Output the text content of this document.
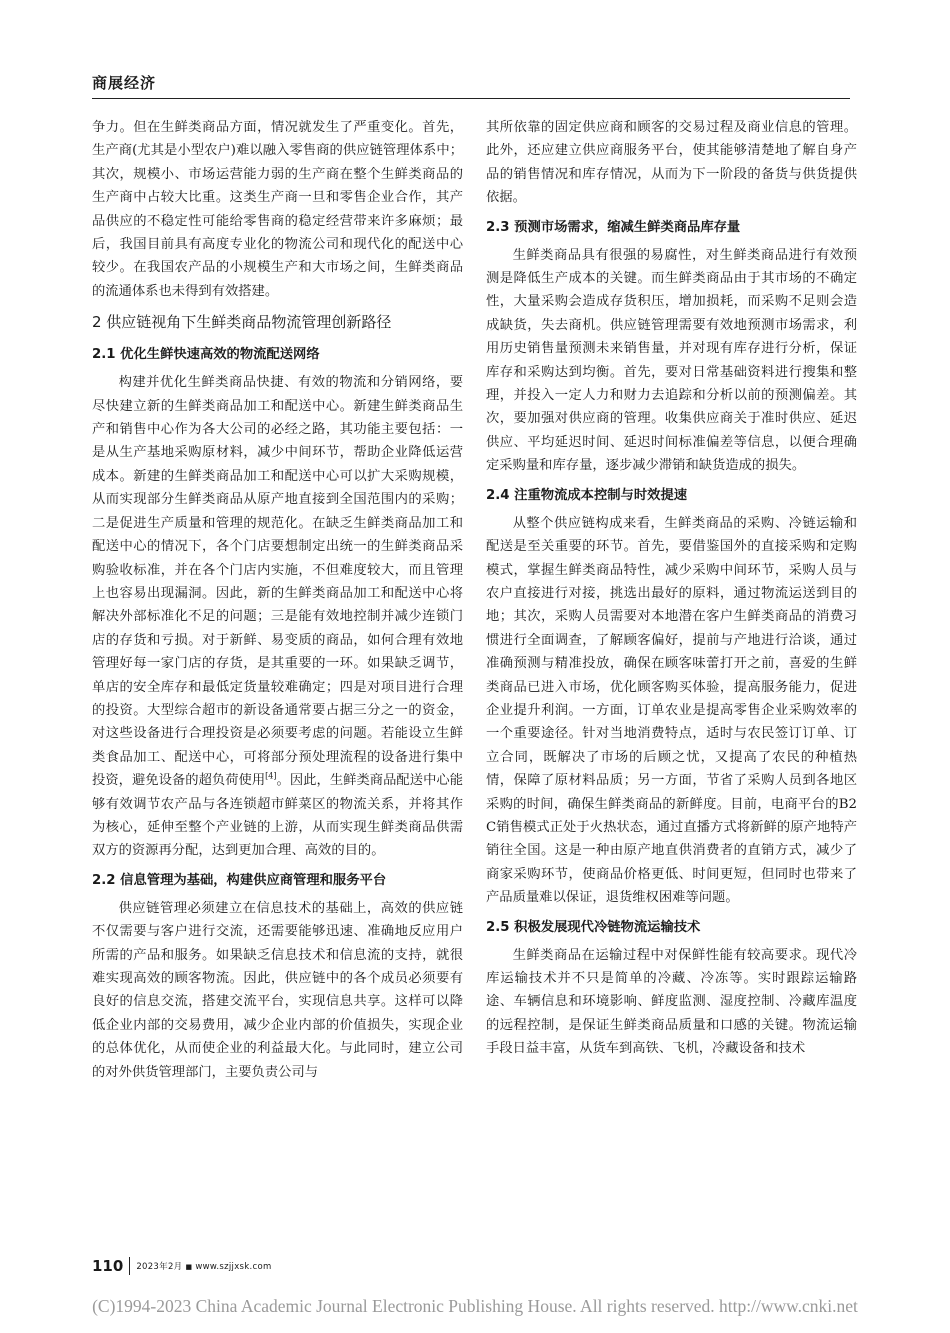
商展经济

争力。但在生鲜类商品方面，情况就发生了严重变化。首先，生产商(尤其是小型农户)难以融入零售商的供应链管理体系中；其次，规模小、市场运营能力弱的生产商在整个生鲜类商品的生产商中占较大比重。这类生产商一旦和零售企业合作，其产品供应的不稳定性可能给零售商的稳定经营带来许多麻烦；最后，我国目前具有高度专业化的物流公司和现代化的配送中心较少。在我国农产品的小规模生产和大市场之间，生鲜类商品的流通体系也未得到有效搭建。

2 供应链视角下生鲜类商品物流管理创新路径
2.1 优化生鲜快速高效的物流配送网络

构建并优化生鲜类商品快捷、有效的物流和分销网络，要尽快建立新的生鲜类商品加工和配送中心。新建生鲜类商品生产和销售中心作为各大公司的必经之路，其功能主要包括：一是从生产基地采购原材料，减少中间环节，帮助企业降低运营成本。新建的生鲜类商品加工和配送中心可以扩大采购规模，从而实现部分生鲜类商品从原产地直接到全国范围内的采购；二是促进生产质量和管理的规范化。在缺乏生鲜类商品加工和配送中心的情况下，各个门店要想制定出统一的生鲜类商品采购验收标准，并在各个门店内实施，不但难度较大，而且管理上也容易出现漏洞。因此，新的生鲜类商品加工和配送中心将解决外部标准化不足的问题；三是能有效地控制并减少连锁门店的存货和亏损。对于新鲜、易变质的商品，如何合理有效地管理好每一家门店的存货，是其重要的一环。如果缺乏调节，单店的安全库存和最低定货量较难确定；四是对项目进行合理的投资。大型综合超市的新设备通常要占据三分之一的资金，对这些设备进行合理投资是必须要考虑的问题。若能设立生鲜类食品加工、配送中心，可将部分预处理流程的设备进行集中投资，避免设备的超负荷使用[4]。因此，生鲜类商品配送中心能够有效调节农产品与各连锁超市鲜菜区的物流关系，并将其作为核心，延伸至整个产业链的上游，从而实现生鲜类商品供需双方的资源再分配，达到更加合理、高效的目的。

2.2 信息管理为基础，构建供应商管理和服务平台

供应链管理必须建立在信息技术的基础上，高效的供应链不仅需要与客户进行交流，还需要能够迅速、准确地反应用户所需的产品和服务。如果缺乏信息技术和信息流的支持，就很难实现高效的顾客物流。因此，供应链中的各个成员必须要有良好的信息交流，搭建交流平台，实现信息共享。这样可以降低企业内部的交易费用，减少企业内部的价值损失，实现企业的总体优化，从而使企业的利益最大化。与此同时，建立公司的对外供货管理部门，主要负责公司与

其所依靠的固定供应商和顾客的交易过程及商业信息的管理。此外，还应建立供应商服务平台，使其能够清楚地了解自身产品的销售情况和库存情况，从而为下一阶段的备货与供货提供依据。

2.3 预测市场需求，缩减生鲜类商品库存量

生鲜类商品具有很强的易腐性，对生鲜类商品进行有效预测是降低生产成本的关键。而生鲜类商品由于其市场的不确定性，大量采购会造成存货积压，增加损耗，而采购不足则会造成缺货，失去商机。供应链管理需要有效地预测市场需求，利用历史销售量预测未来销售量，并对现有库存进行分析，保证库存和采购达到均衡。首先，要对日常基础资料进行搜集和整理，并投入一定人力和财力去追踪和分析以前的预测偏差。其次，要加强对供应商的管理。收集供应商关于准时供应、延迟供应、平均延迟时间、延迟时间标准偏差等信息，以便合理确定采购量和库存量，逐步减少滞销和缺货造成的损失。

2.4 注重物流成本控制与时效提速

从整个供应链构成来看，生鲜类商品的采购、冷链运输和配送是至关重要的环节。首先，要借鉴国外的直接采购和定购模式，掌握生鲜类商品特性，减少采购中间环节，采购人员与农户直接进行对接，挑选出最好的原料，通过物流运送到目的地；其次，采购人员需要对本地潜在客户生鲜类商品的消费习惯进行全面调查，了解顾客偏好，提前与产地进行洽谈，通过准确预测与精准投放，确保在顾客味蕾打开之前，喜爱的生鲜类商品已进入市场，优化顾客购买体验，提高服务能力，促进企业提升利润。一方面，订单农业是提高零售企业采购效率的一个重要途径。针对当地消费特点，适时与农民签订订单、订立合同，既解决了市场的后顾之忧，又提高了农民的种植热情，保障了原材料品质；另一方面，节省了采购人员到各地区采购的时间，确保生鲜类商品的新鲜度。目前，电商平台的B2C销售模式正处于火热状态，通过直播方式将新鲜的原产地特产销往全国。这是一种由原产地直供消费者的直销方式，减少了商家采购环节，使商品价格更低、时间更短，但同时也带来了产品质量难以保证，退货维权困难等问题。

2.5 积极发展现代冷链物流运输技术

生鲜类商品在运输过程中对保鲜性能有较高要求。现代冷库运输技术并不只是简单的冷藏、冷冻等。实时跟踪运输路途、车辆信息和环境影响、鲜度监测、湿度控制、冷藏库温度的远程控制，是保证生鲜类商品质量和口感的关键。物流运输手段日益丰富，从货车到高铁、飞机，冷藏设备和技术

110 2023年2月 ■ www.szjjxsk.com
(C)1994-2023 China Academic Journal Electronic Publishing House. All rights reserved. http://www.cnki.net
